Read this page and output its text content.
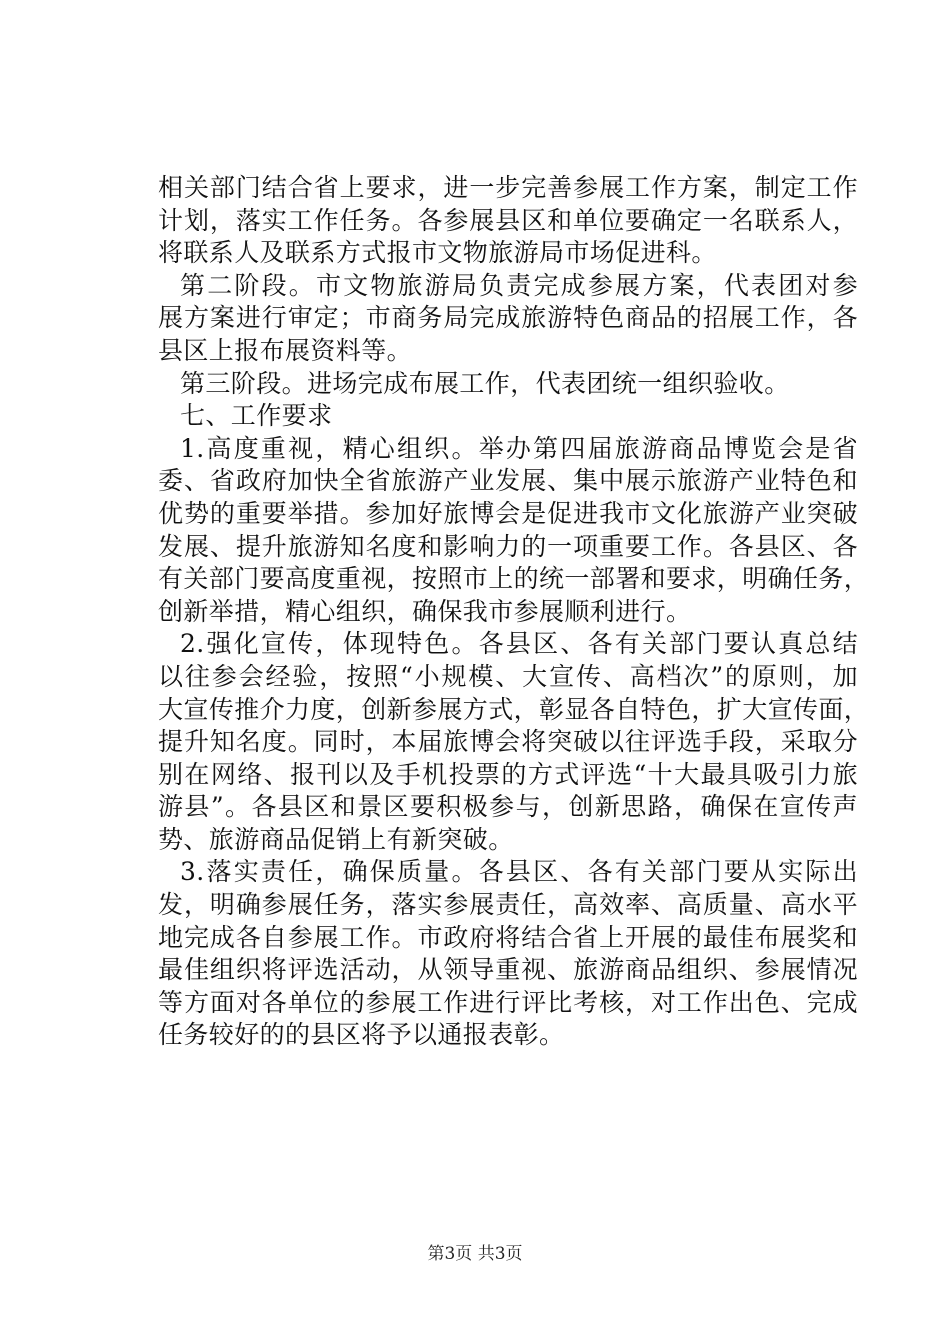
相关部门结合省上要求，进一步完善参展工作方案，制定工作
计划，落实工作任务。各参展县区和单位要确定一名联系人，
将联系人及联系方式报市文物旅游局市场促进科。
第二阶段。市文物旅游局负责完成参展方案，代表团对参
展方案进行审定；市商务局完成旅游特色商品的招展工作，各
县区上报布展资料等。
第三阶段。进场完成布展工作，代表团统一组织验收。
七、工作要求
1.高度重视，精心组织。举办第四届旅游商品博览会是省
委、省政府加快全省旅游产业发展、集中展示旅游产业特色和
优势的重要举措。参加好旅博会是促进我市文化旅游产业突破
发展、提升旅游知名度和影响力的一项重要工作。各县区、各
有关部门要高度重视，按照市上的统一部署和要求，明确任务，
创新举措，精心组织，确保我市参展顺利进行。
2.强化宣传，体现特色。各县区、各有关部门要认真总结
以往参会经验，按照“小规模、大宣传、高档次”的原则，加
大宣传推介力度，创新参展方式，彰显各自特色，扩大宣传面，
提升知名度。同时，本届旅博会将突破以往评选手段，采取分
别在网络、报刊以及手机投票的方式评选“十大最具吸引力旅
游县”。各县区和景区要积极参与，创新思路，确保在宣传声
势、旅游商品促销上有新突破。
3.落实责任，确保质量。各县区、各有关部门要从实际出
发，明确参展任务，落实参展责任，高效率、高质量、高水平
地完成各自参展工作。市政府将结合省上开展的最佳布展奖和
最佳组织将评选活动，从领导重视、旅游商品组织、参展情况
等方面对各单位的参展工作进行评比考核，对工作出色、完成
任务较好的的县区将予以通报表彰。
第3页 共3页
